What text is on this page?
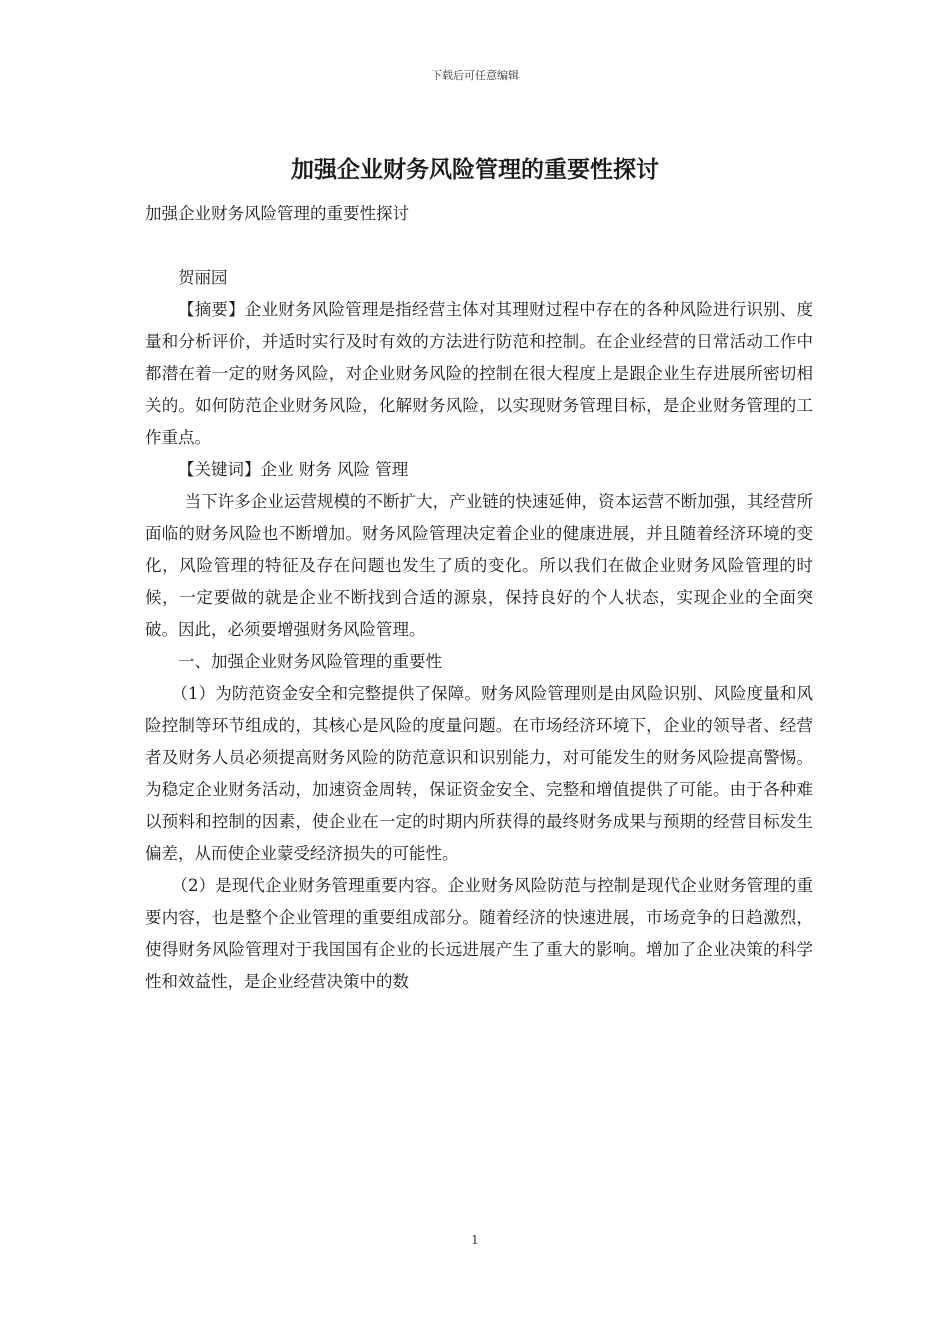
下载后可任意编辑
加强企业财务风险管理的重要性探讨

加强企业财务风险管理的重要性探讨

贺丽园

【摘要】企业财务风险管理是指经营主体对其理财过程中存在的各种风险进行识别、度量和分析评价，并适时实行及时有效的方法进行防范和控制。在企业经营的日常活动工作中都潜在着一定的财务风险，对企业财务风险的控制在很大程度上是跟企业生存进展所密切相关的。如何防范企业财务风险，化解财务风险，以实现财务管理目标，是企业财务管理的工作重点。

【关键词】企业 财务 风险 管理

当下许多企业运营规模的不断扩大，产业链的快速延伸，资本运营不断加强，其经营所面临的财务风险也不断增加。财务风险管理决定着企业的健康进展，并且随着经济环境的变化，风险管理的特征及存在问题也发生了质的变化。所以我们在做企业财务风险管理的时候，一定要做的就是企业不断找到合适的源泉，保持良好的个人状态，实现企业的全面突破。因此，必须要增强财务风险管理。

一、加强企业财务风险管理的重要性

（1）为防范资金安全和完整提供了保障。财务风险管理则是由风险识别、风险度量和风险控制等环节组成的，其核心是风险的度量问题。在市场经济环境下，企业的领导者、经营者及财务人员必须提高财务风险的防范意识和识别能力，对可能发生的财务风险提高警惕。为稳定企业财务活动，加速资金周转，保证资金安全、完整和增值提供了可能。由于各种难以预料和控制的因素，使企业在一定的时期内所获得的最终财务成果与预期的经营目标发生偏差，从而使企业蒙受经济损失的可能性。

（2）是现代企业财务管理重要内容。企业财务风险防范与控制是现代企业财务管理的重要内容，也是整个企业管理的重要组成部分。随着经济的快速进展，市场竞争的日趋激烈，使得财务风险管理对于我国国有企业的长远进展产生了重大的影响。增加了企业决策的科学性和效益性，是企业经营决策中的数

1
